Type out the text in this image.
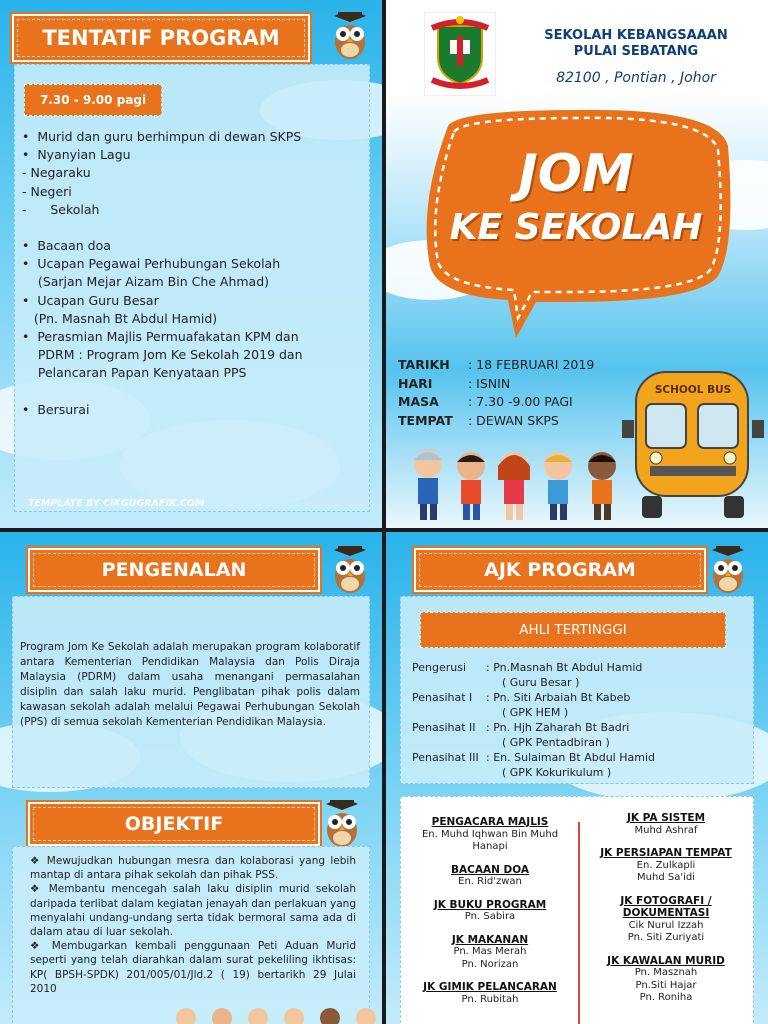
TENTATIF PROGRAM
7.30 - 9.00 pagi
•  Murid dan guru berhimpun di dewan SKPS
•  Nyanyian Lagu
- Negaraku
- Negeri
-      Sekolah
•  Bacaan doa
•  Ucapan Pegawai Perhubungan Sekolah
(Sarjan Mejar Aizam Bin Che Ahmad)
•  Ucapan Guru Besar
(Pn. Masnah Bt Abdul Hamid)
•  Perasmian Majlis Permuafakatan KPM dan
PDRM : Program Jom Ke Sekolah 2019 dan
Pelancaran Papan Kenyataan PPS
•  Bersurai
TEMPLATE BY CIKGUGRAFIK.COM
SEKOLAH KEBANGSAAAN
PULAI SEBATANG
82100 , Pontian , Johor
JOM
KE SEKOLAH
TARIKH	: 18 FEBRUARI 2019
HARI	: ISNIN
MASA	: 7.30 -9.00 PAGI
TEMPAT	: DEWAN SKPS
SCHOOL BUS
PENGENALAN
Program Jom Ke Sekolah adalah merupakan program kolaboratif antara Kementerian Pendidikan Malaysia dan Polis Diraja Malaysia (PDRM) dalam usaha menangani permasalahan disiplin dan salah laku murid. Penglibatan pihak polis dalam kawasan sekolah adalah melalui Pegawai Perhubungan Sekolah (PPS) di semua sekolah Kementerian Pendidikan Malaysia.
OBJEKTIF
❖ Mewujudkan hubungan mesra dan kolaborasi yang lebih mantap di antara pihak sekolah dan pihak PSS.
❖ Membantu mencegah salah laku disiplin murid sekolah daripada terlibat dalam kegiatan jenayah dan perlakuan yang menyalahi undang-undang serta tidak bermoral sama ada di dalam atau di luar sekolah.
❖ Membugarkan kembali penggunaan Peti Aduan Murid seperti yang telah diarahkan dalam surat pekeliling ikhtisas: KP( BPSH-SPDK) 201/005/01/Jld.2 ( 19) bertarikh 29 Julai 2010
AJK PROGRAM
AHLI TERTINGGI
Pengerusi	: Pn.Masnah Bt Abdul Hamid
( Guru Besar )
Penasihat I	: Pn. Siti Arbaiah Bt Kabeb
( GPK HEM )
Penasihat II : Pn. Hjh Zaharah Bt Badri
( GPK Pentadbiran )
Penasihat III : En. Sulaiman Bt Abdul Hamid
( GPK Kokurikulum )
PENGACARA MAJLIS
En. Muhd Iqhwan Bin Muhd
Hanapi
BACAAN DOA
En. Rid'zwan
JK BUKU PROGRAM
Pn. Sabira
JK MAKANAN
Pn. Mas Merah
Pn. Norizan
JK GIMIK PELANCARAN
Pn. Rubitah
JK PA SISTEM
Muhd Ashraf
JK PERSIAPAN TEMPAT
En. Zulkapli
Muhd Sa'idi
JK FOTOGRAFI / DOKUMENTASI
Cik Nurul Izzah
Pn. Siti Zuriyati
JK KAWALAN MURID
Pn. Masznah
Pn.Siti Hajar
Pn. Roniha
